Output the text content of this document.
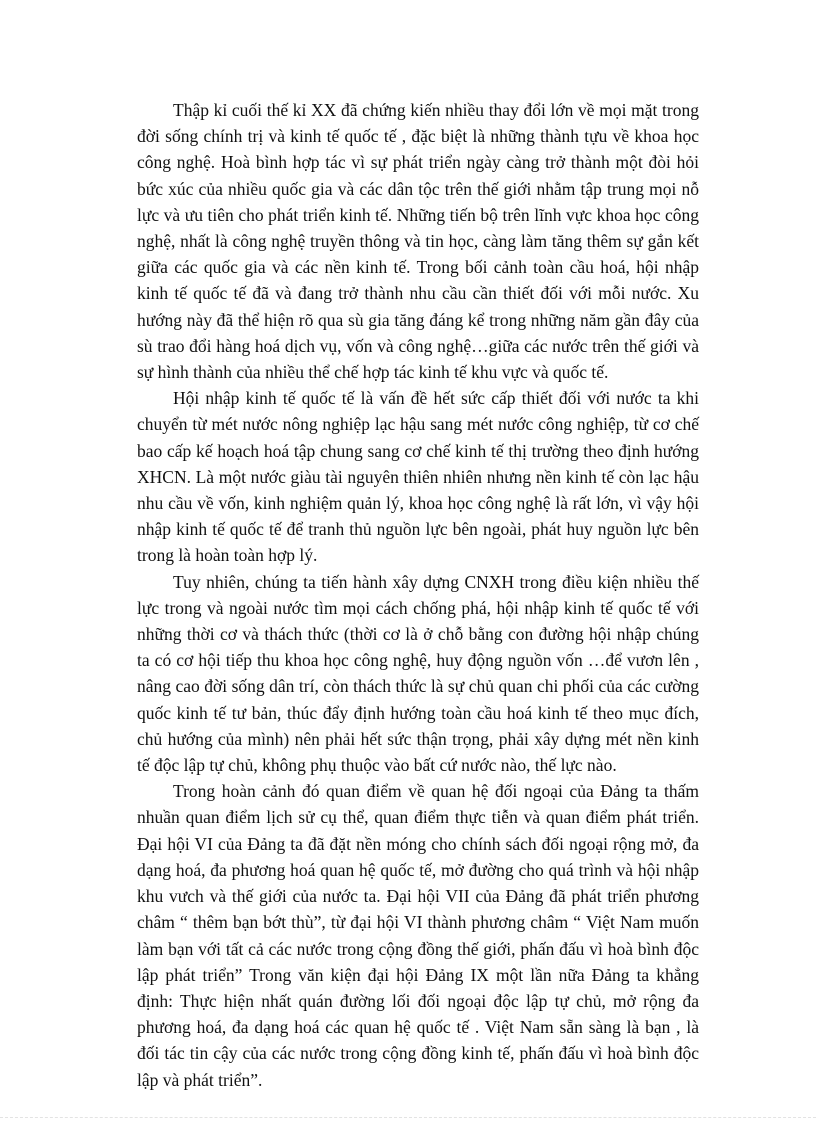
Thập kỉ cuối thế kỉ XX đã chứng kiến nhiều thay đổi lớn về mọi mặt trong đời sống chính trị và kinh tế quốc tế , đặc biệt là những thành tựu về khoa học công nghệ. Hoà bình hợp tác vì sự phát triển ngày càng trở thành một đòi hỏi bức xúc của nhiều quốc gia và các dân tộc trên thế giới nhằm tập trung mọi nỗ lực và ưu tiên cho phát triển kinh tế. Những tiến bộ trên lĩnh vực khoa học công nghệ, nhất là công nghệ truyền thông và tin học, càng làm tăng thêm sự gắn kết giữa các quốc gia và các nền kinh tế. Trong bối cảnh toàn cầu hoá, hội nhập kinh tế quốc tế đã và đang trở thành nhu cầu cần thiết đối với mỗi nước. Xu hướng này đã thể hiện rõ qua sù gia tăng đáng kể trong những năm gần đây của sù trao đổi hàng hoá dịch vụ, vốn và công nghệ…giữa các nước trên thế giới và sự hình thành của nhiều thể chế hợp tác kinh tế khu vực và quốc tế.

Hội nhập kinh tế quốc tế là vấn đề hết sức cấp thiết đối với nước ta khi chuyển từ mét nước nông nghiệp lạc hậu sang mét nước công nghiệp, từ cơ chế bao cấp kế hoạch hoá tập chung sang cơ chế kinh tế thị trường theo định hướng XHCN. Là một nước giàu tài nguyên thiên nhiên nhưng nền kinh tế còn lạc hậu nhu cầu về vốn, kinh nghiệm quản lý, khoa học công nghệ là rất lớn, vì vậy hội nhập kinh tế quốc tế để tranh thủ nguồn lực bên ngoài, phát huy nguồn lực bên trong là hoàn toàn hợp lý.

Tuy nhiên, chúng ta tiến hành xây dựng CNXH trong điều kiện nhiều thế lực trong và ngoài nước tìm mọi cách chống phá, hội nhập kinh tế quốc tế với những thời cơ và thách thức (thời cơ là ở chỗ bằng con đường hội nhập chúng ta có cơ hội tiếp thu khoa học công nghệ, huy động nguồn vốn …để vươn lên , nâng cao đời sống dân trí, còn thách thức là sự chủ quan chi phối của các cường quốc kinh tế tư bản, thúc đẩy định hướng toàn cầu hoá kinh tế theo mục đích, chủ hướng của mình) nên phải hết sức thận trọng, phải xây dựng mét nền kinh tế độc lập tự chủ, không phụ thuộc vào bất cứ nước nào, thế lực nào.

Trong hoàn cảnh đó quan điểm về quan hệ đối ngoại của Đảng ta thấm nhuần quan điểm lịch sử cụ thể, quan điểm thực tiễn và quan điểm phát triển. Đại hội VI của Đảng ta đã đặt nền móng cho chính sách đối ngoại rộng mở, đa dạng hoá, đa phương hoá quan hệ quốc tế, mở đường cho quá trình và hội nhập khu vưch và thế giới của nước ta. Đại hội VII của Đảng đã phát triển phương châm “ thêm bạn bớt thù”, từ đại hội VI thành phương châm “ Việt Nam muốn làm bạn với tất cả các nước trong cộng đồng thế giới, phấn đấu vì hoà bình độc lập phát triển” Trong văn kiện đại hội Đảng IX một lần nữa Đảng ta khẳng định: Thực hiện nhất quán đường lối đối ngoại độc lập tự chủ, mở rộng đa phương hoá, đa dạng hoá các quan hệ quốc tế . Việt Nam sẵn sàng là bạn , là đối tác tin cậy của các nước trong cộng đồng kinh tế, phấn đấu vì hoà bình độc lập và phát triển”.
